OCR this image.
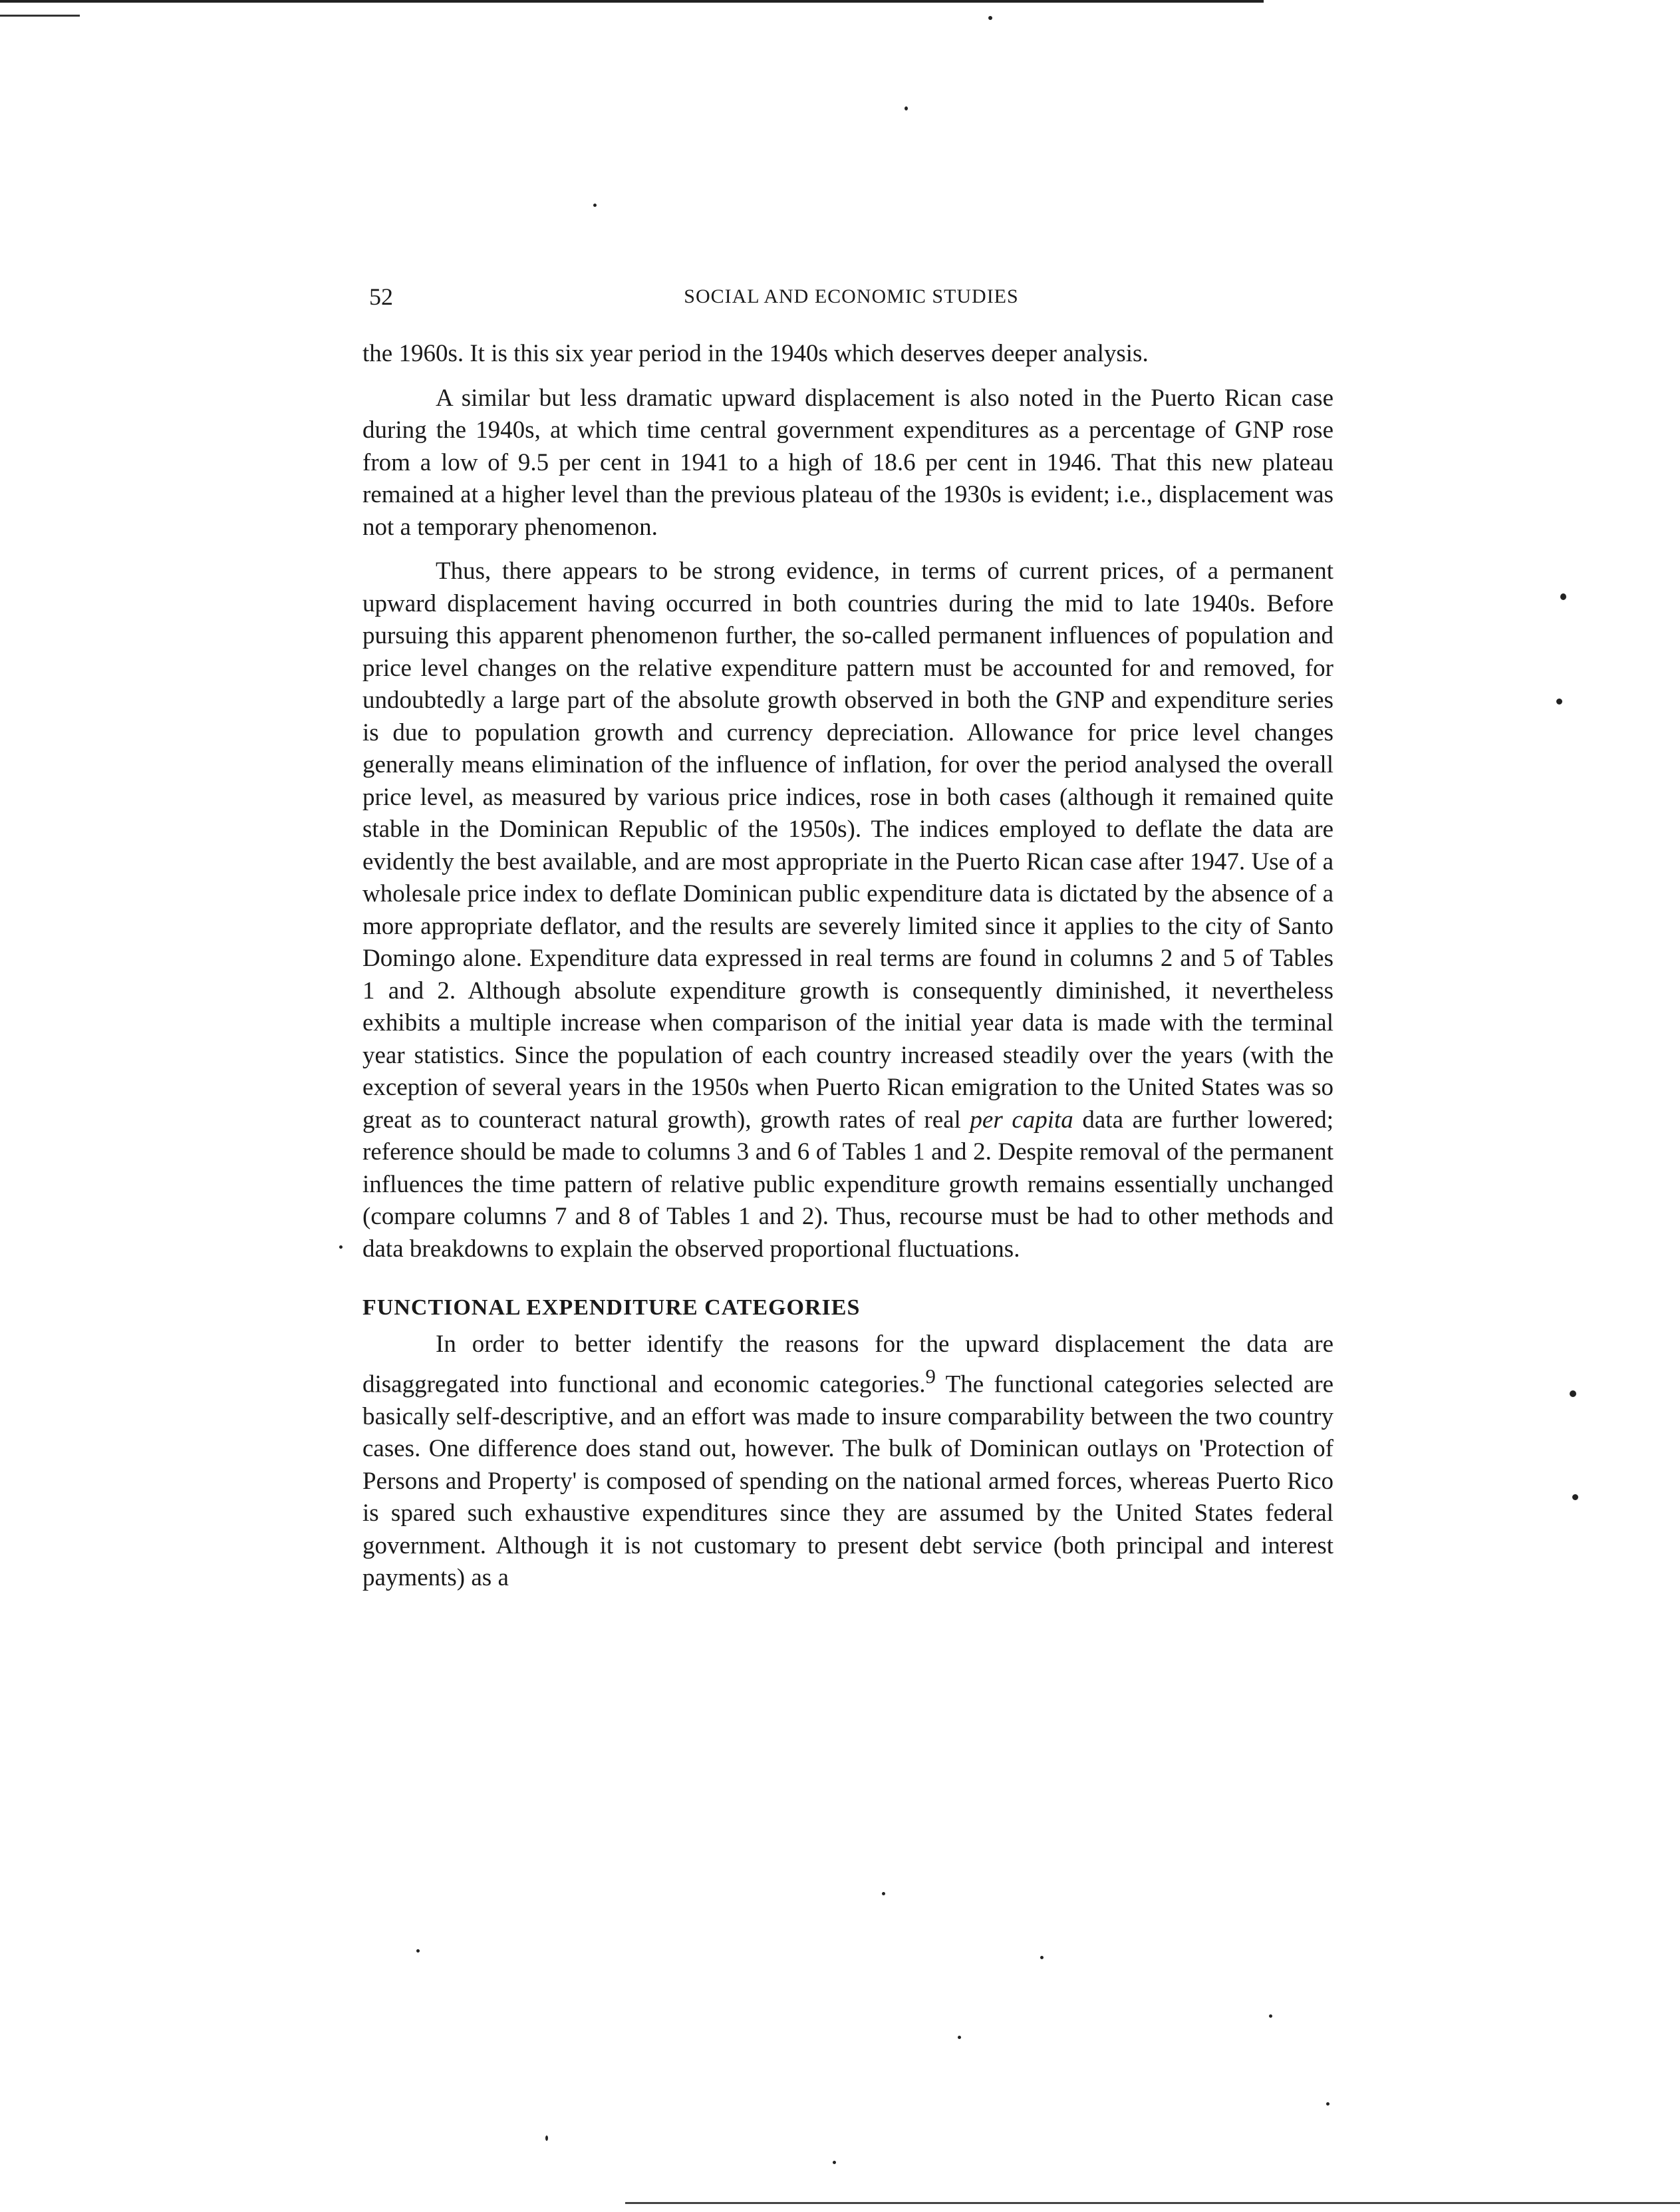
52	SOCIAL AND ECONOMIC STUDIES

the 1960s. It is this six year period in the 1940s which deserves deeper analysis.

A similar but less dramatic upward displacement is also noted in the Puerto Rican case during the 1940s, at which time central government expenditures as a percentage of GNP rose from a low of 9.5 per cent in 1941 to a high of 18.6 per cent in 1946. That this new plateau remained at a higher level than the previous plateau of the 1930s is evident; i.e., displacement was not a temporary phenomenon.

Thus, there appears to be strong evidence, in terms of current prices, of a permanent upward displacement having occurred in both countries during the mid to late 1940s. Before pursuing this apparent phenomenon further, the so-called permanent influences of population and price level changes on the relative expenditure pattern must be accounted for and removed, for undoubtedly a large part of the absolute growth observed in both the GNP and expenditure series is due to population growth and currency depreciation. Allowance for price level changes generally means elimination of the influence of inflation, for over the period analysed the overall price level, as measured by various price indices, rose in both cases (although it remained quite stable in the Dominican Republic of the 1950s). The indices employed to deflate the data are evidently the best available, and are most appropriate in the Puerto Rican case after 1947. Use of a wholesale price index to deflate Dominican public expenditure data is dictated by the absence of a more appropriate deflator, and the results are severely limited since it applies to the city of Santo Domingo alone. Expenditure data expressed in real terms are found in columns 2 and 5 of Tables 1 and 2. Although absolute expenditure growth is consequently diminished, it nevertheless exhibits a multiple increase when comparison of the initial year data is made with the terminal year statistics. Since the population of each country increased steadily over the years (with the exception of several years in the 1950s when Puerto Rican emigration to the United States was so great as to counteract natural growth), growth rates of real per capita data are further lowered; reference should be made to columns 3 and 6 of Tables 1 and 2. Despite removal of the permanent influences the time pattern of relative public expenditure growth remains essentially unchanged (compare columns 7 and 8 of Tables 1 and 2). Thus, recourse must be had to other methods and data breakdowns to explain the observed proportional fluctuations.

FUNCTIONAL EXPENDITURE CATEGORIES

In order to better identify the reasons for the upward displacement the data are disaggregated into functional and economic categories.$^9$ The functional categories selected are basically self-descriptive, and an effort was made to insure comparability between the two country cases. One difference does stand out, however. The bulk of Dominican outlays on 'Protection of Persons and Property' is composed of spending on the national armed forces, whereas Puerto Rico is spared such exhaustive expenditures since they are assumed by the United States federal government. Although it is not customary to present debt service (both principal and interest payments) as a
